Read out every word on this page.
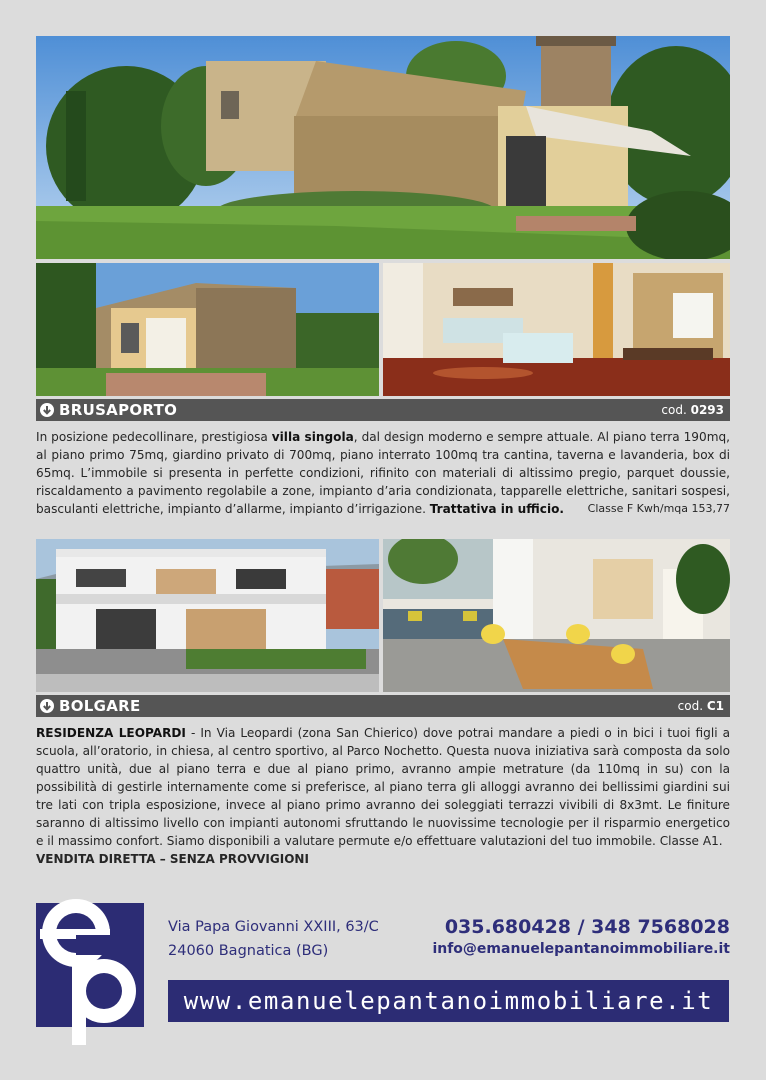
BRUSAPORTO	cod. 0293
In posizione pedecollinare, prestigiosa villa singola, dal design moderno e sempre attuale. Al piano terra 190mq, al piano primo 75mq, giardino privato di 700mq, piano interrato 100mq tra cantina, taverna e lavanderia, box di 65mq. L’immobile si presenta in perfette condizioni, rifinito con materiali di altissimo pregio, parquet doussie, riscaldamento a pavimento regolabile a zone, impianto d’aria condizionata, tapparelle elettriche, sanitari sospesi, basculanti elettriche, impianto d’allarme, impianto d’irrigazione. Trattativa in ufficio. Classe F Kwh/mqa 153,77
BOLGARE	cod. C1
RESIDENZA LEOPARDI - In Via Leopardi (zona San Chierico) dove potrai mandare a piedi o in bici i tuoi figli a scuola, all’oratorio, in chiesa, al centro sportivo, al Parco Nochetto. Questa nuova iniziativa sarà composta da solo quattro unità, due al piano terra e due al piano primo, avranno ampie metrature (da 110mq in su) con la possibilità di gestirle internamente come si preferisce, al piano terra gli alloggi avranno dei bellissimi giardini sui tre lati con tripla esposizione, invece al piano primo avranno dei soleggiati terrazzi vivibili di 8x3mt. Le finiture saranno di altissimo livello con impianti autonomi sfruttando le nuovissime tecnologie per il risparmio energetico e il massimo confort. Siamo disponibili a valutare permute e/o effettuare valutazioni del tuo immobile. Classe A1.
VENDITA DIRETTA – SENZA PROVVIGIONI
Via Papa Giovanni XXIII, 63/C
24060 Bagnatica (BG)
035.680428 / 348 7568028
info@emanuelepantanoimmobiliare.it
www.emanuelepantanoimmobiliare.it
